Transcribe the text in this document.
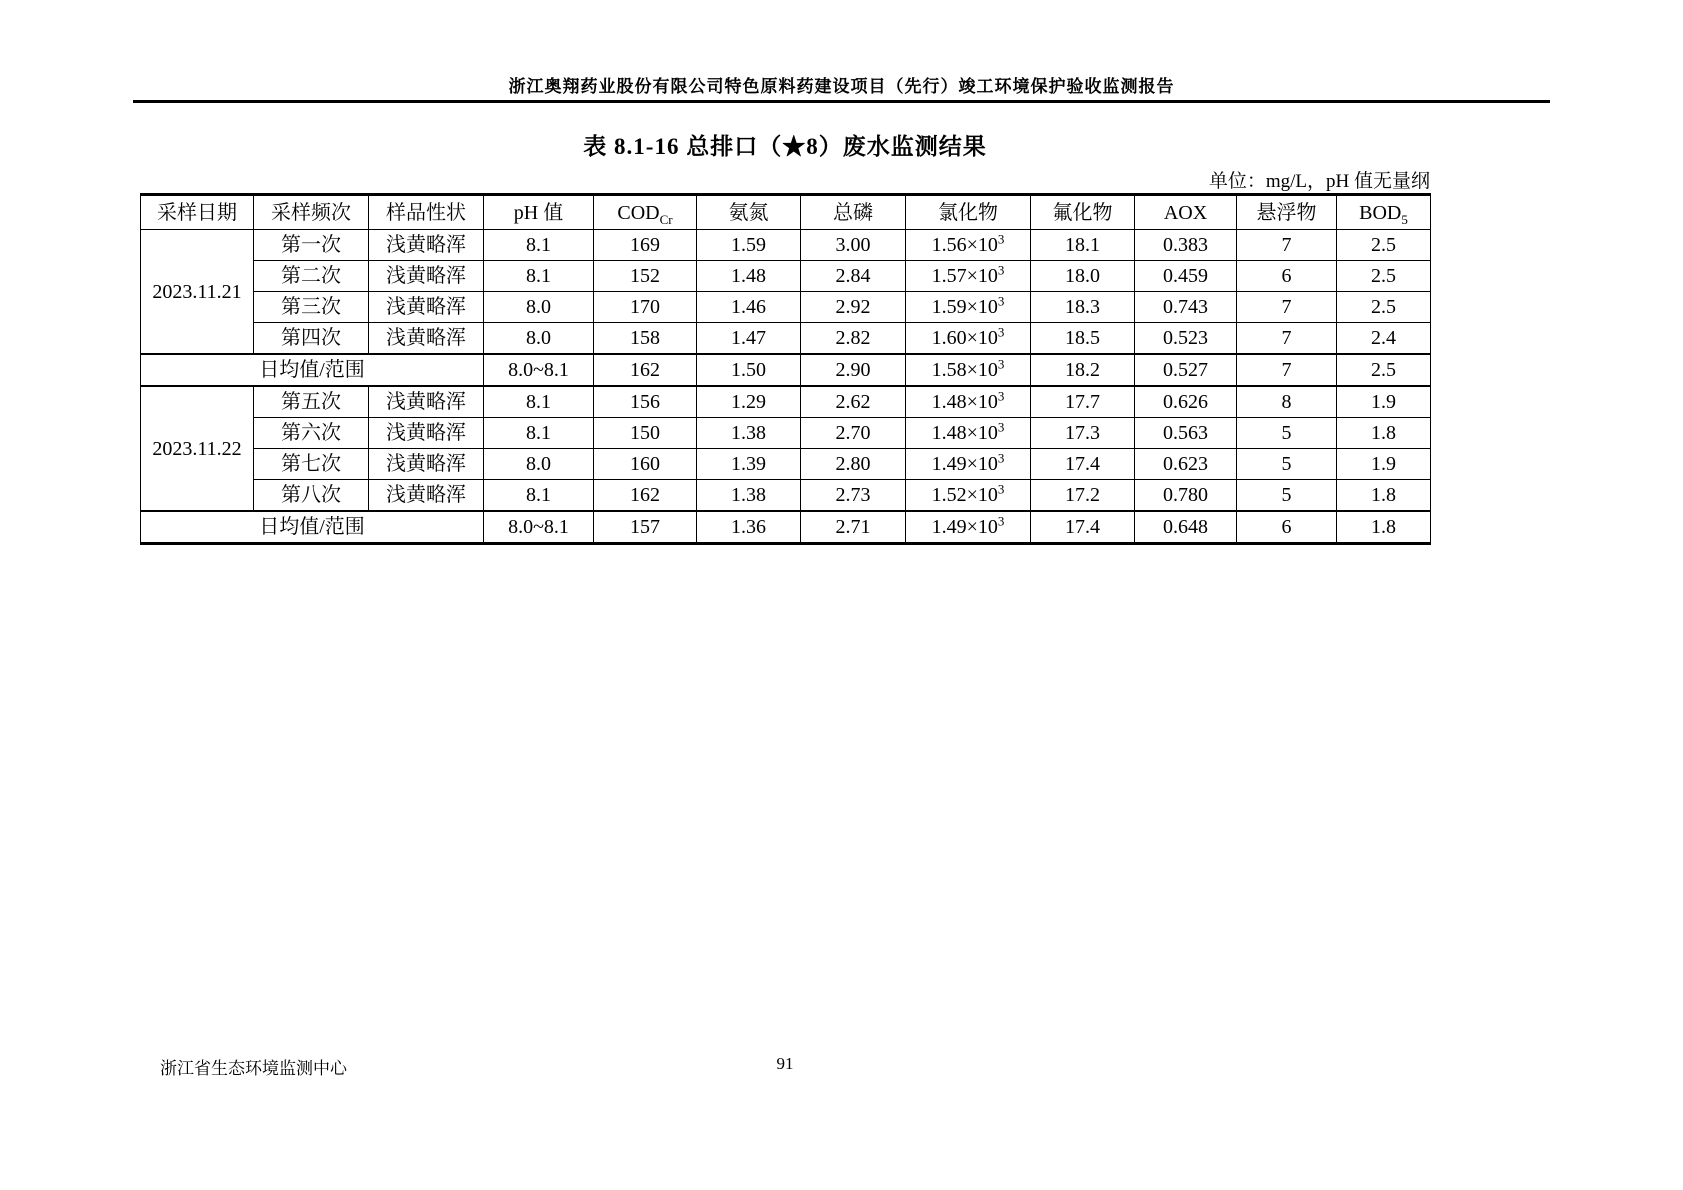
浙江奥翔药业股份有限公司特色原料药建设项目（先行）竣工环境保护验收监测报告
表 8.1-16 总排口（★8）废水监测结果
单位：mg/L，pH 值无量纲
采样日期	采样频次	样品性状	pH 值	$COD_{Cr}$	氨氮	总磷	氯化物	氟化物	AOX	悬浮物	$BOD_5$
2023.11.21	第一次	浅黄略浑	8.1	169	1.59	3.00	$1.56\times 10^3$	18.1	0.383	7	2.5
	第二次	浅黄略浑	8.1	152	1.48	2.84	$1.57\times 10^3$	18.0	0.459	6	2.5
	第三次	浅黄略浑	8.0	170	1.46	2.92	$1.59\times 10^3$	18.3	0.743	7	2.5
	第四次	浅黄略浑	8.0	158	1.47	2.82	$1.60\times 10^3$	18.5	0.523	7	2.4
日均值/范围			8.0~8.1	162	1.50	2.90	$1.58\times 10^3$	18.2	0.527	7	2.5
2023.11.22	第五次	浅黄略浑	8.1	156	1.29	2.62	$1.48\times 10^3$	17.7	0.626	8	1.9
	第六次	浅黄略浑	8.1	150	1.38	2.70	$1.48\times 10^3$	17.3	0.563	5	1.8
	第七次	浅黄略浑	8.0	160	1.39	2.80	$1.49\times 10^3$	17.4	0.623	5	1.9
	第八次	浅黄略浑	8.1	162	1.38	2.73	$1.52\times 10^3$	17.2	0.780	5	1.8
日均值/范围			8.0~8.1	157	1.36	2.71	$1.49\times 10^3$	17.4	0.648	6	1.8
浙江省生态环境监测中心	91
